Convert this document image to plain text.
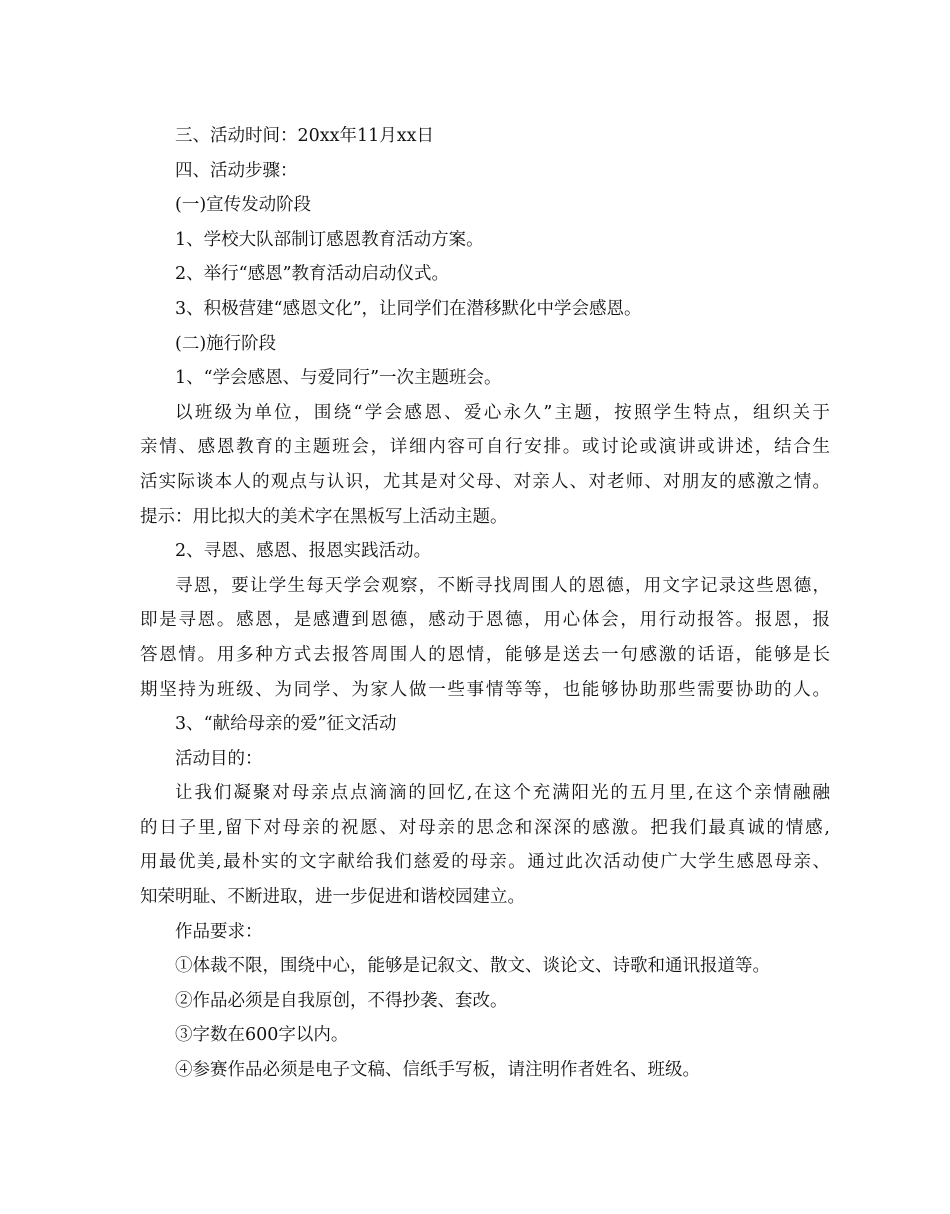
三、活动时间：20xx年11月xx日
四、活动步骤：
(一)宣传发动阶段
1、学校大队部制订感恩教育活动方案。
2、举行“感恩”教育活动启动仪式。
3、积极营建“感恩文化”，让同学们在潜移默化中学会感恩。
(二)施行阶段
1、“学会感恩、与爱同行”一次主题班会。
以班级为单位，围绕“学会感恩、爱心永久”主题，按照学生特点，组织关于
亲情、感恩教育的主题班会，详细内容可自行安排。或讨论或演讲或讲述，结合生
活实际谈本人的观点与认识，尤其是对父母、对亲人、对老师、对朋友的感激之情。
提示：用比拟大的美术字在黑板写上活动主题。
2、寻恩、感恩、报恩实践活动。
寻恩，要让学生每天学会观察，不断寻找周围人的恩德，用文字记录这些恩德，
即是寻恩。感恩，是感遭到恩德，感动于恩德，用心体会，用行动报答。报恩，报
答恩情。用多种方式去报答周围人的恩情，能够是送去一句感激的话语，能够是长
期坚持为班级、为同学、为家人做一些事情等等，也能够协助那些需要协助的人。
3、“献给母亲的爱”征文活动
活动目的：
让我们凝聚对母亲点点滴滴的回忆,在这个充满阳光的五月里,在这个亲情融融
的日子里,留下对母亲的祝愿、对母亲的思念和深深的感激。把我们最真诚的情感,
用最优美,最朴实的文字献给我们慈爱的母亲。通过此次活动使广大学生感恩母亲、
知荣明耻、不断进取，进一步促进和谐校园建立。
作品要求：
①体裁不限，围绕中心，能够是记叙文、散文、谈论文、诗歌和通讯报道等。
②作品必须是自我原创，不得抄袭、套改。
③字数在600字以内。
④参赛作品必须是电子文稿、信纸手写板，请注明作者姓名、班级。
